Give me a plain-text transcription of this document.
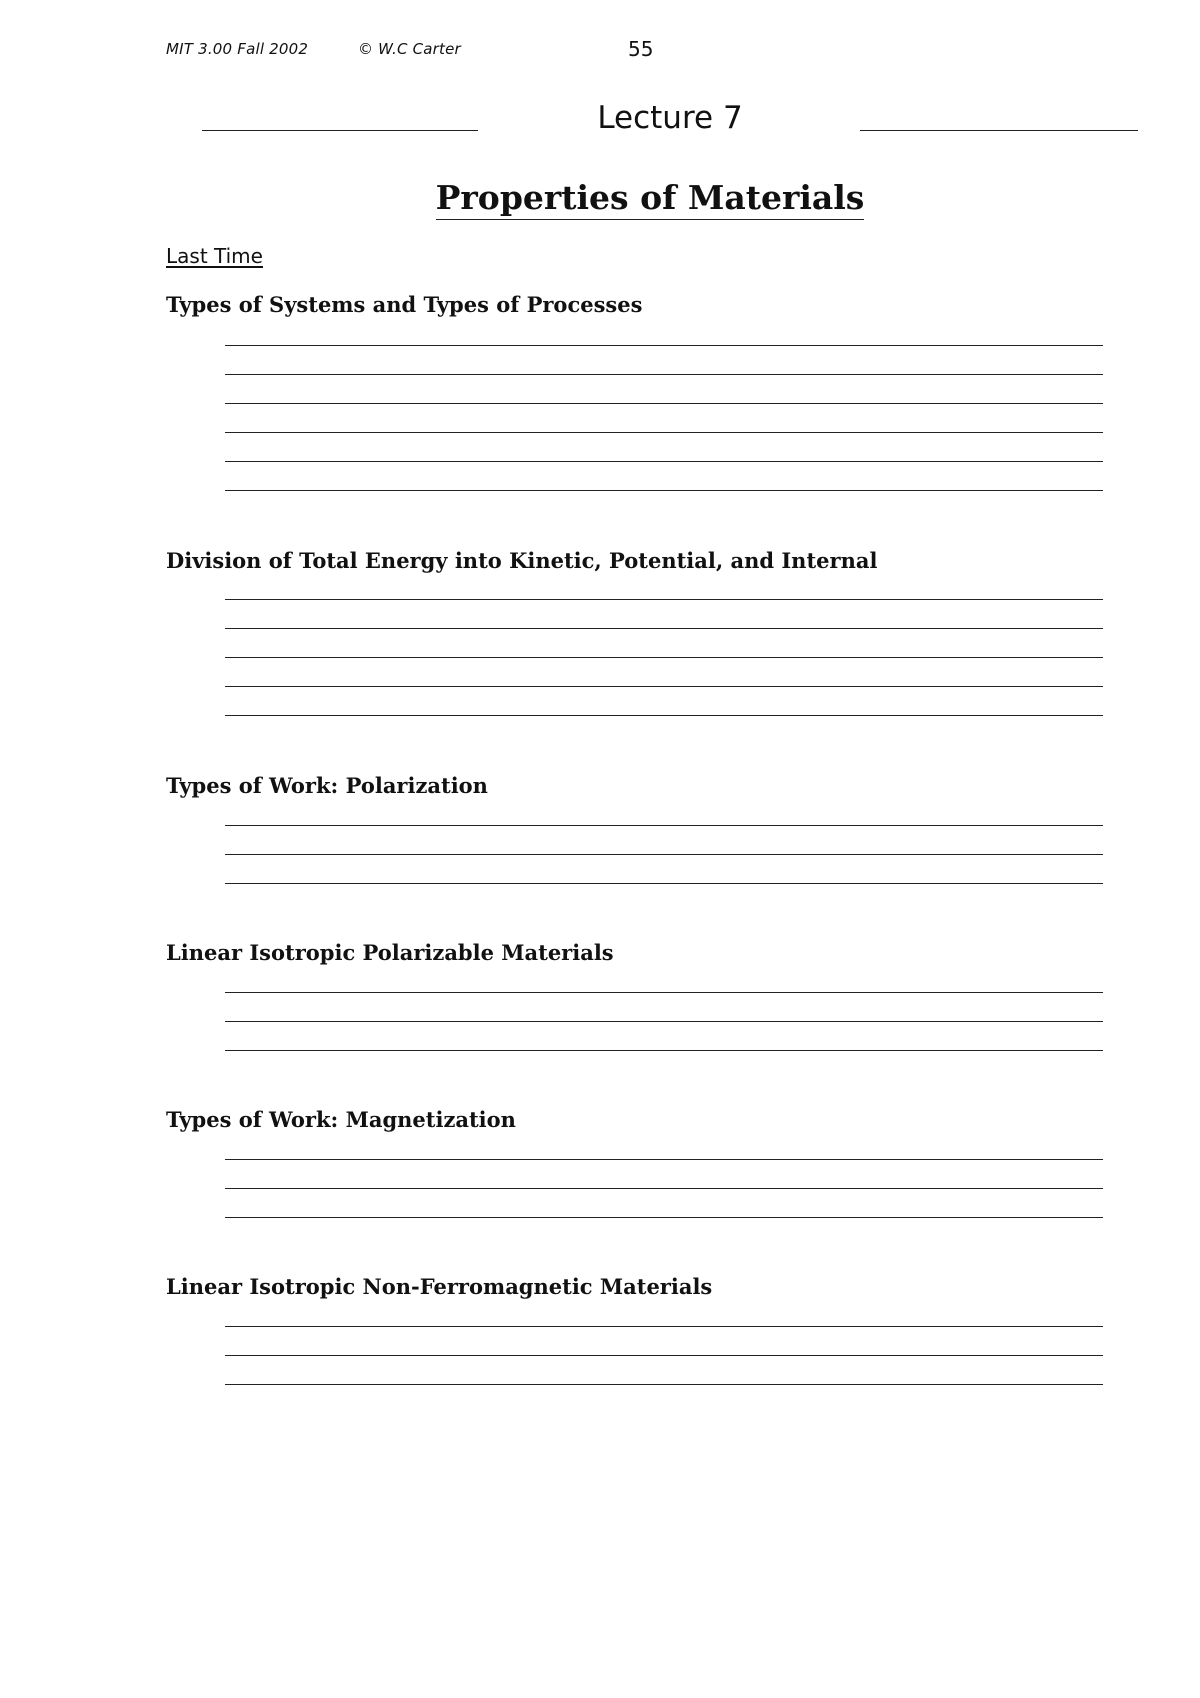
MIT 3.00 Fall 2002	© W.C Carter	55
Lecture 7
Properties of Materials
Last Time
Types of Systems and Types of Processes
Division of Total Energy into Kinetic, Potential, and Internal
Types of Work: Polarization
Linear Isotropic Polarizable Materials
Types of Work: Magnetization
Linear Isotropic Non-Ferromagnetic Materials
